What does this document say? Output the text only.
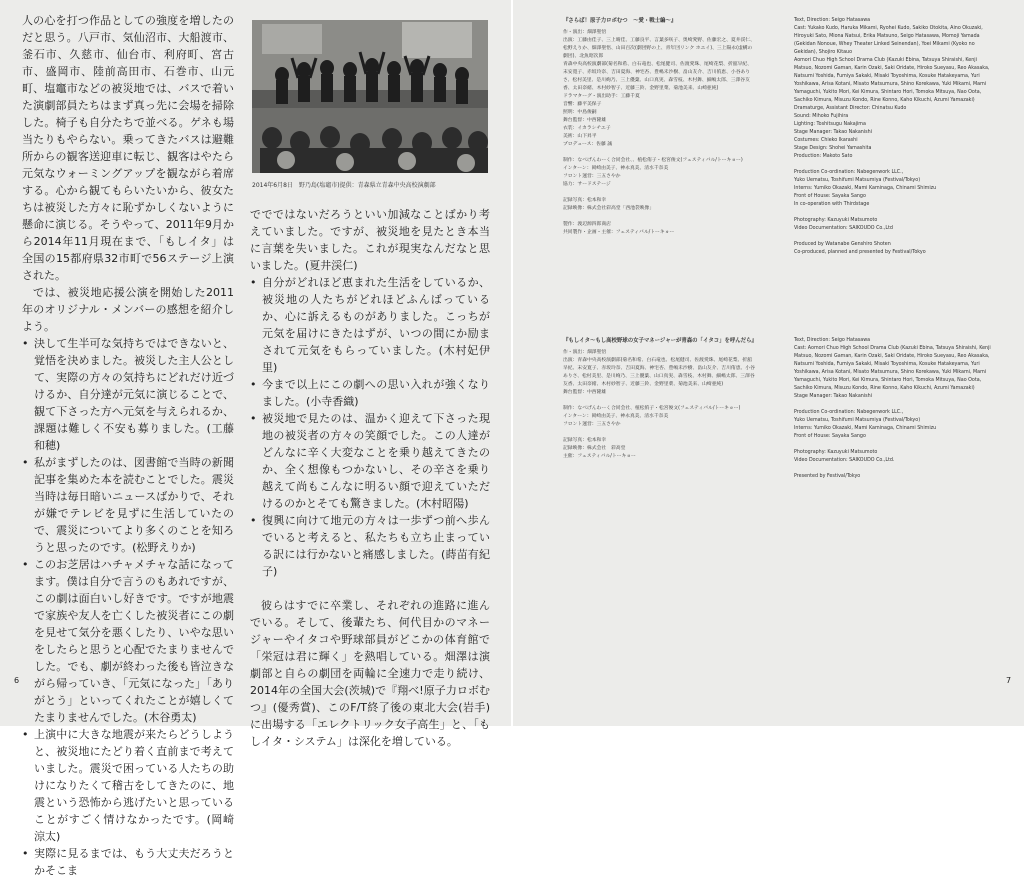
人の心を打つ作品としての強度を増したのだと思う。八戸市、気仙沼市、大船渡市、釜石市、久慈市、仙台市、利府町、宮古市、盛岡市、陸前高田市、石巻市、山元町、塩竈市などの被災地では、バスで着いた演劇部員たちはまず真っ先に会場を掃除した。椅子も自分たちで並べる。ゲネも場当たりもやらない。乗ってきたバスは避難所からの観客送迎車に転じ、観客はやたら元気なウォーミングアップを観ながら着席する。心から観てもらいたいから、彼女たちは被災した方々に恥ずかしくないように懸命に演じる。そうやって、2011年9月から2014年11月現在まで、「もしイタ」は全国の15都府県32市町で56ステージ上演された。

では、被災地応援公演を開始した2011年のオリジナル・メンバーの感想を紹介しよう。

• 決して生半可な気持ちではできないと、覚悟を決めました。被災した主人公として、実際の方々の気持ちにどれだけ近づけるか、自分達が元気に演じることで、観て下さった方へ元気を与えられるか、課題は難しく不安も募りました。(工藤和穂)
• 私がまずしたのは、図書館で当時の新聞記事を集めた本を読むことでした。震災当時は毎日暗いニュースばかりで、それが嫌でテレビを見ずに生活していたので、震災についてより多くのことを知ろうと思ったのです。(松野えりか)
• このお芝居はハチャメチャな話になってます。僕は自分で言うのもあれですが、この劇は面白いし好きです。ですが地震で家族や友人を亡くした被災者にこの劇を見せて気分を悪くしたり、いやな思いをしたらと思うと心配でたまりませんでした。でも、劇が終わった後も皆泣きながら帰っていき、「元気になった」「ありがとう」といってくれたことが嬉しくてたまりませんでした。(木谷勇太)
• 上演中に大きな地震が来たらどうしようと、被災地にたどり着く直前まで考えていました。震災で困っている人たちの助けになりたくて稽古をしてきたのに、地震という恐怖から逃げたいと思っていることがすごく情けなかったです。(岡崎涼太)
• 実際に見るまでは、もう大丈夫だろうとかそこま
2014年6月8日　野乃島(塩竈市)提供：青森県立青森中央高校演劇部

ででではないだろうといい加減なことばかり考えていました。ですが、被災地を見たとき本当に言葉を失いました。これが現実なんだなと思いました。(夏井渓仁)

• 自分がどれほど恵まれた生活をしているか、被災地の人たちがどれほどふんばっているか、心に訴えるものがありました。こっちが元気を届けにきたはずが、いつの間にか励まされて元気をもらっていました。(木村妃伊里)
• 今まで以上にこの劇への思い入れが強くなりました。(小寺香織)
• 被災地で見たのは、温かく迎えて下さった現地の被災者の方々の笑顔でした。この人達がどんなに辛く大変なことを乗り越えてきたのか、全く想像もつかないし、その辛さを乗り越えて尚もこんなに明るい顔で迎えていただけるのかとそても驚きました。(木村昭陽)
• 復興に向けて地元の方々は一歩ずつ前へ歩んでいると考えると、私たちも立ち止まっている訳には行かないと痛感しました。(蒔苗有紀子)

彼らはすでに卒業し、それぞれの進路に進んでいる。そして、後輩たち、何代目かのマネージャーやイタコや野球部員がどこかの体育館で「栄冠は君に輝く」を熱唱している。畑澤は演劇部と自らの劇団を両輪に全速力で走り続け、2014年の全国大会(茨城)で『翔べ!原子力ロボむつ』(優秀賞)、このF/T終了後の東北大会(岩手)に出場する「エレクトリック女子高生」と、「もしイタ・システム」は深化を増している。

6
『さらば！原子力ロボむつ　～愛・戦士編～』
作・演出：畑澤聖悟
出演：工藤由佳子、三上晴佳、工藤良平、言葉多咲子、奥崎愛野、佐藤宏之、夏井渓仁、松野えりか、畑澤聖悟、山田百次(劇団野の上、青年団リンク ホエイ)、三上陽永(虚構の劇団)、北魚昭次郎
青森中央高校演劇部(菊名和希、白石竜也、松尾健司、佐渡愛珠、尾崎花梨、折舘早紀、末安寛子、赤坂玲奈、吉田夏海、神宅杏、豊嶋未沙樹、畠山友介、吉川侑恵、小谷ありさ、松村美里、是川絢乃、三上優葉、山口真実、森雪枝、木村舞、細嶋太郎、三澤谷友香、太田奈緒、木村紗智子、近藤三鈴、金野里菜、菊池美来、山崎亜純)
ドラマターグ・演出助手：工藤千夏
音響：藤平美保子
照明：中島俊嗣
舞台監督：中西隆雄
衣装：イカラシチエ子
美術：山下昇平
プロデュース：佐藤 誠
制作：なべげんわーく合同会社、、植松侑子・松宮俊文(フェスティバル/トーキョー)
インターン：岡崎由美子、神永真美、清水千奈美
フロント運営：三五さやか
協力：サードステージ
記録写真：松本和幸
記録映像：株式会社彩高堂「西池袋映像」
製作：渡辺源四郎商店
共同製作・企画・主催：フェスティバル/トーキョー
『もしイタ～もし高校野球の女子マネージャーが青森の「イタコ」を呼んだら』
作・演出：畑澤聖悟
出演：青森中央高校演劇部(菊名和希、白石竜也、松尾健司、佐渡愛珠、尾崎花梨、折舘早紀、末安寛子、赤坂玲奈、吉田夏海、神宅杏、豊嶋未沙樹、畠山友介、吉川侑恵、小谷ありさ、松村美里、是川絢乃、三上優葉、山口真実、森雪枝、木村舞、細嶋太郎、三澤谷友香、太田奈緒、木村紗智子、近藤三鈴、金野里菜、菊池美来、山崎亜純)
舞台監督：中西隆雄
制作：なべげんわーく合同会社、植松侑子・松宮俊文(フェスティバル/トーキョー)
インターン：岡崎由美子、神永真美、清水千奈美
フロント運営：三五さやか
記録写真：松本和幸
記録映像：株式会社　彩高堂
主催：フェスティバル/トーキョー
Text, Direction: Seigo Hatasawa
Cast: Yukako Kudo, Haruka Mikami, Ryohei Kudo, Sakiko Otokita, Aino Okuzaki, Hiroyuki Sato, Miona Natsui, Erika Matsuno, Seigo Hatasawa, Momoji Yamada (Gekidan Nonoue, Whey Theater Linked Seinendan), Yoei Mikami (Kyoko no Gekidan), Shojiro Kitauo
Aomori Chuo High School Drama Club (Kazuki Ebina, Tatsuya Shiraishi, Kenji Matsuo, Nozomi Gaman, Karin Ozaki, Saki Oridate, Hiroko Sueyasu, Reo Akasaka, Natsumi Yoshida, Fumiya Sakaki, Misaki Toyoshima, Kosuke Hatakeyama, Yuri Yoshikawa, Arisa Kotani, Misato Matsumura, Shino Korekawa, Yuki Mikami, Mami Yamaguchi, Yukito Mori, Kei Kimura, Shintaro Hori, Tomoka Mitsuya, Nao Oota, Sachiko Kimura, Misuzu Kondo, Rine Konno, Kaho Kikuchi, Azumi Yamazaki)
Dramaturge, Assistant Director: Chinatsu Kudo
Sound: Mihoko Fujihira
Lighting: Toshitsugu Nakajima
Stage Manager: Takao Nakanishi
Costumes: Chieko Ikarashi
Stage Design: Shohei Yamashita
Production: Makoto Sato
Production Co-ordination: Nabegenwork LLC.,
Yuko Uematsu, Toshifumi Matsumiya (Festival/Tokyo)
Interns: Yumiko Okazaki, Mami Kaminaga, Chinami Shimizu
Front of House: Sayaka Sango
In co-operation with Thirdstage
Photography: Kazuyuki Matsumoto
Video Documentation: SAIKOUDO Co.,Ltd
Produced by Watanabe Genshiro Shoten
Co-produced, planned and presented by Festival/Tokyo
Text, Direction: Seigo Hatasawa
Cast: Aomori Chuo High School Drama Club (Kazuki Ebina, Tatsuya Shiraishi, Kenji Matsuo, Nozomi Gaman, Karin Ozaki, Saki Oridate, Hiroko Sueyasu, Reo Akasaka, Natsumi Yoshida, Fumiya Sakaki, Misaki Toyoshima, Kosuke Hatakeyama, Yuri Yoshikawa, Arisa Kotani, Misato Matsumura, Shino Korekawa, Yuki Mikami, Mami Yamaguchi, Yukito Mori, Kei Kimura, Shintaro Hori, Tomoka Mitsuya, Nao Oota, Sachiko Kimura, Misuzu Kondo, Rine Konno, Kaho Kikuchi, Azumi Yamazaki)
Stage Manager: Takao Nakanishi
Production Co-ordination: Nabegenwork LLC.,
Yuko Uematsu, Toshifumi Matsumiya (Festival/Tokyo)
Interns: Yumiko Okazaki, Mami Kaminaga, Chinami Shimizu
Front of House: Sayaka Sango
Photography: Kazuyuki Matsumoto
Video Documentation: SAIKOUDO Co.,Ltd.
Presented by Festival/Tokyo
7
